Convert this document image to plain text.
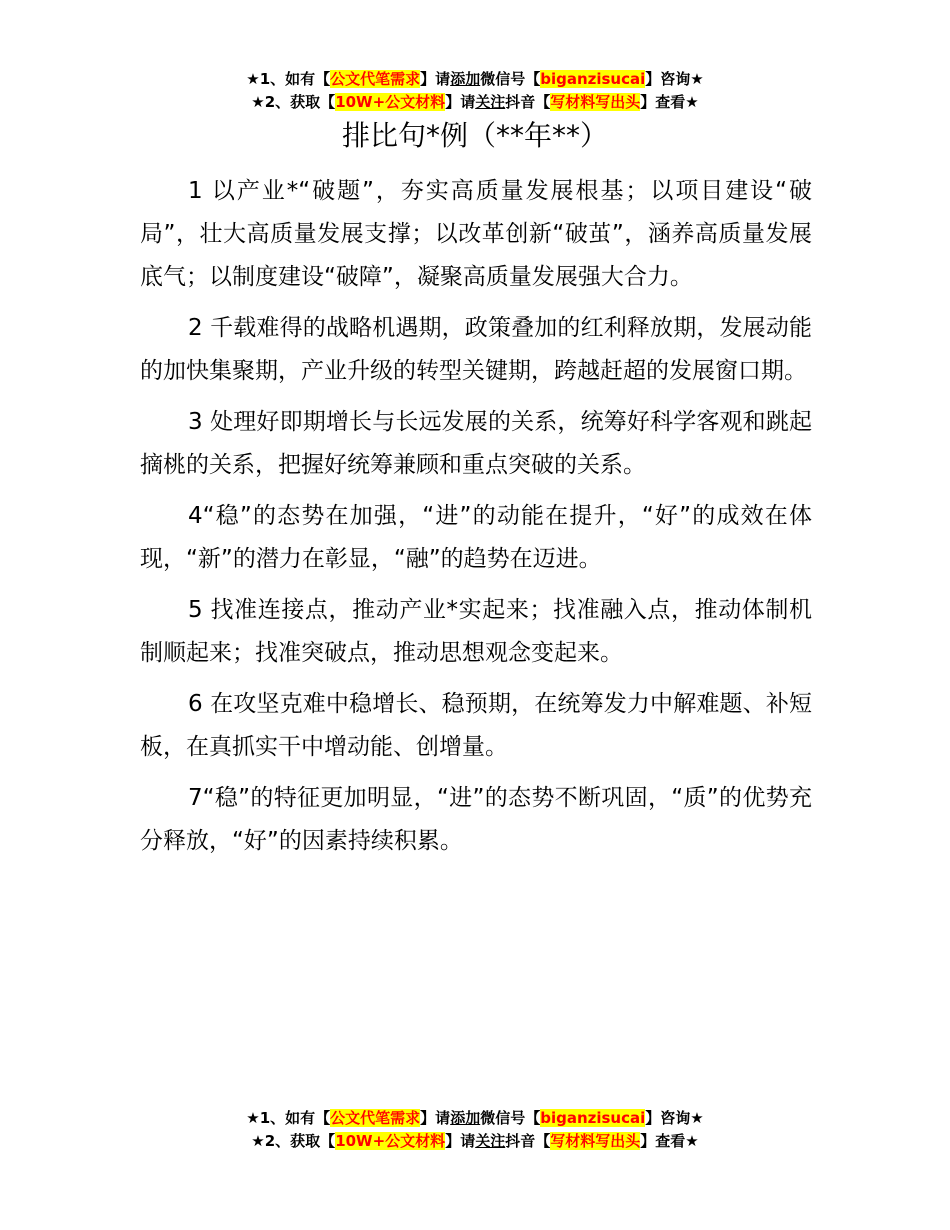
★1、如有【公文代笔需求】请添加微信号【biganzisucai】咨询★
★2、获取【10W+公文材料】请关注抖音【写材料写出头】查看★
排比句*例（**年**）

1 以产业*“破题”，夯实高质量发展根基；以项目建设“破局”，壮大高质量发展支撑；以改革创新“破茧”，涵养高质量发展底气；以制度建设“破障”，凝聚高质量发展强大合力。

2 千载难得的战略机遇期，政策叠加的红利释放期，发展动能的加快集聚期，产业升级的转型关键期，跨越赶超的发展窗口期。

3 处理好即期增长与长远发展的关系，统筹好科学客观和跳起摘桃的关系，把握好统筹兼顾和重点突破的关系。

4“稳”的态势在加强，“进”的动能在提升，“好”的成效在体现，“新”的潜力在彰显，“融”的趋势在迈进。

5 找准连接点，推动产业*实起来；找准融入点，推动体制机制顺起来；找准突破点，推动思想观念变起来。

6 在攻坚克难中稳增长、稳预期，在统筹发力中解难题、补短板，在真抓实干中增动能、创增量。

7“稳”的特征更加明显，“进”的态势不断巩固，“质”的优势充分释放，“好”的因素持续积累。

★1、如有【公文代笔需求】请添加微信号【biganzisucai】咨询★
★2、获取【10W+公文材料】请关注抖音【写材料写出头】查看★
